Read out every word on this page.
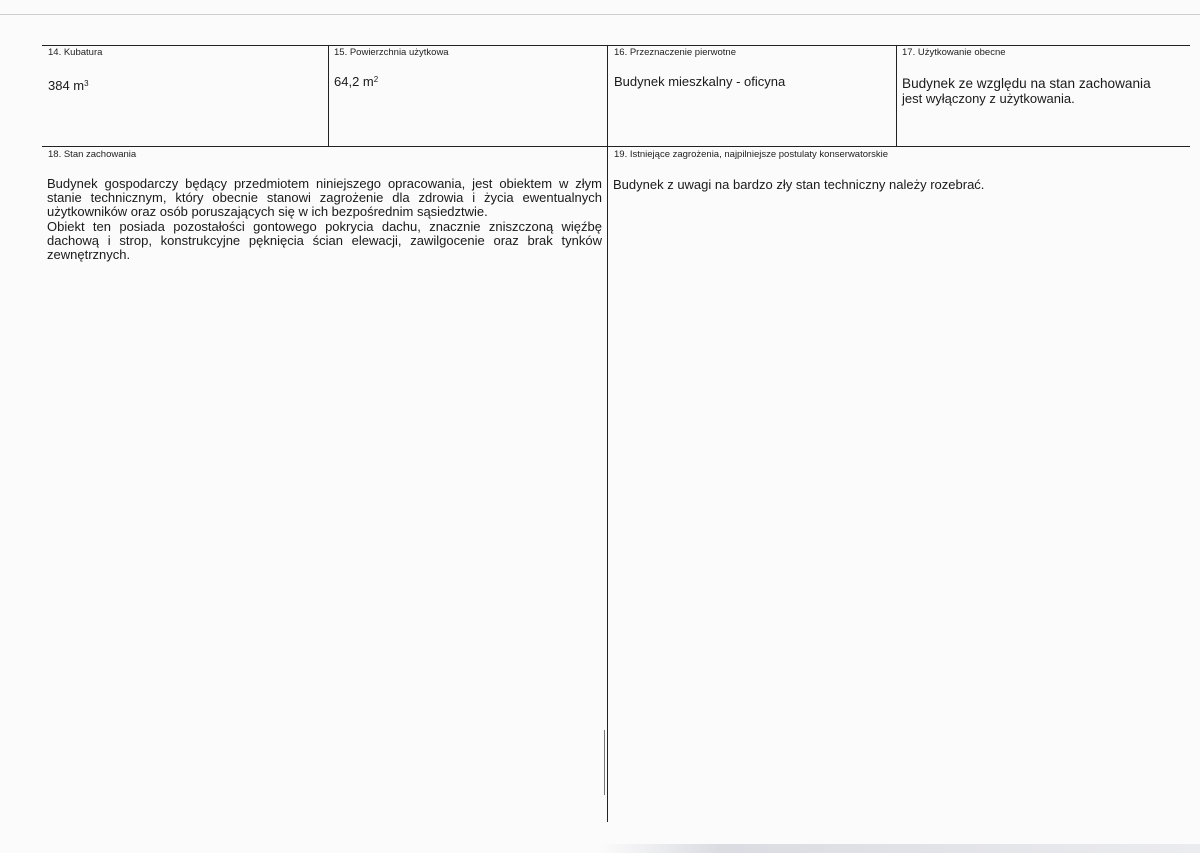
14. Kubatura
384 $m^3$
15. Powierzchnia użytkowa
64,2 $m^2$
16. Przeznaczenie pierwotne
Budynek mieszkalny - oficyna
17. Użytkowanie obecne
Budynek ze względu na stan zachowania
jest wyłączony z użytkowania.
18. Stan zachowania

Budynek gospodarczy będący przedmiotem niniejszego opracowania, jest obiektem w złym stanie technicznym, który obecnie stanowi zagrożenie dla zdrowia i życia ewentualnych użytkowników oraz osób poruszających się w ich bezpośrednim sąsiedztwie.

Obiekt ten posiada pozostałości gontowego pokrycia dachu, znacznie zniszczoną więźbę dachową i strop, konstrukcyjne pęknięcia ścian elewacji, zawilgocenie oraz brak tynków zewnętrznych.

19. Istniejące zagrożenia, najpilniejsze postulaty konserwatorskie
Budynek z uwagi na bardzo zły stan techniczny należy rozebrać.
